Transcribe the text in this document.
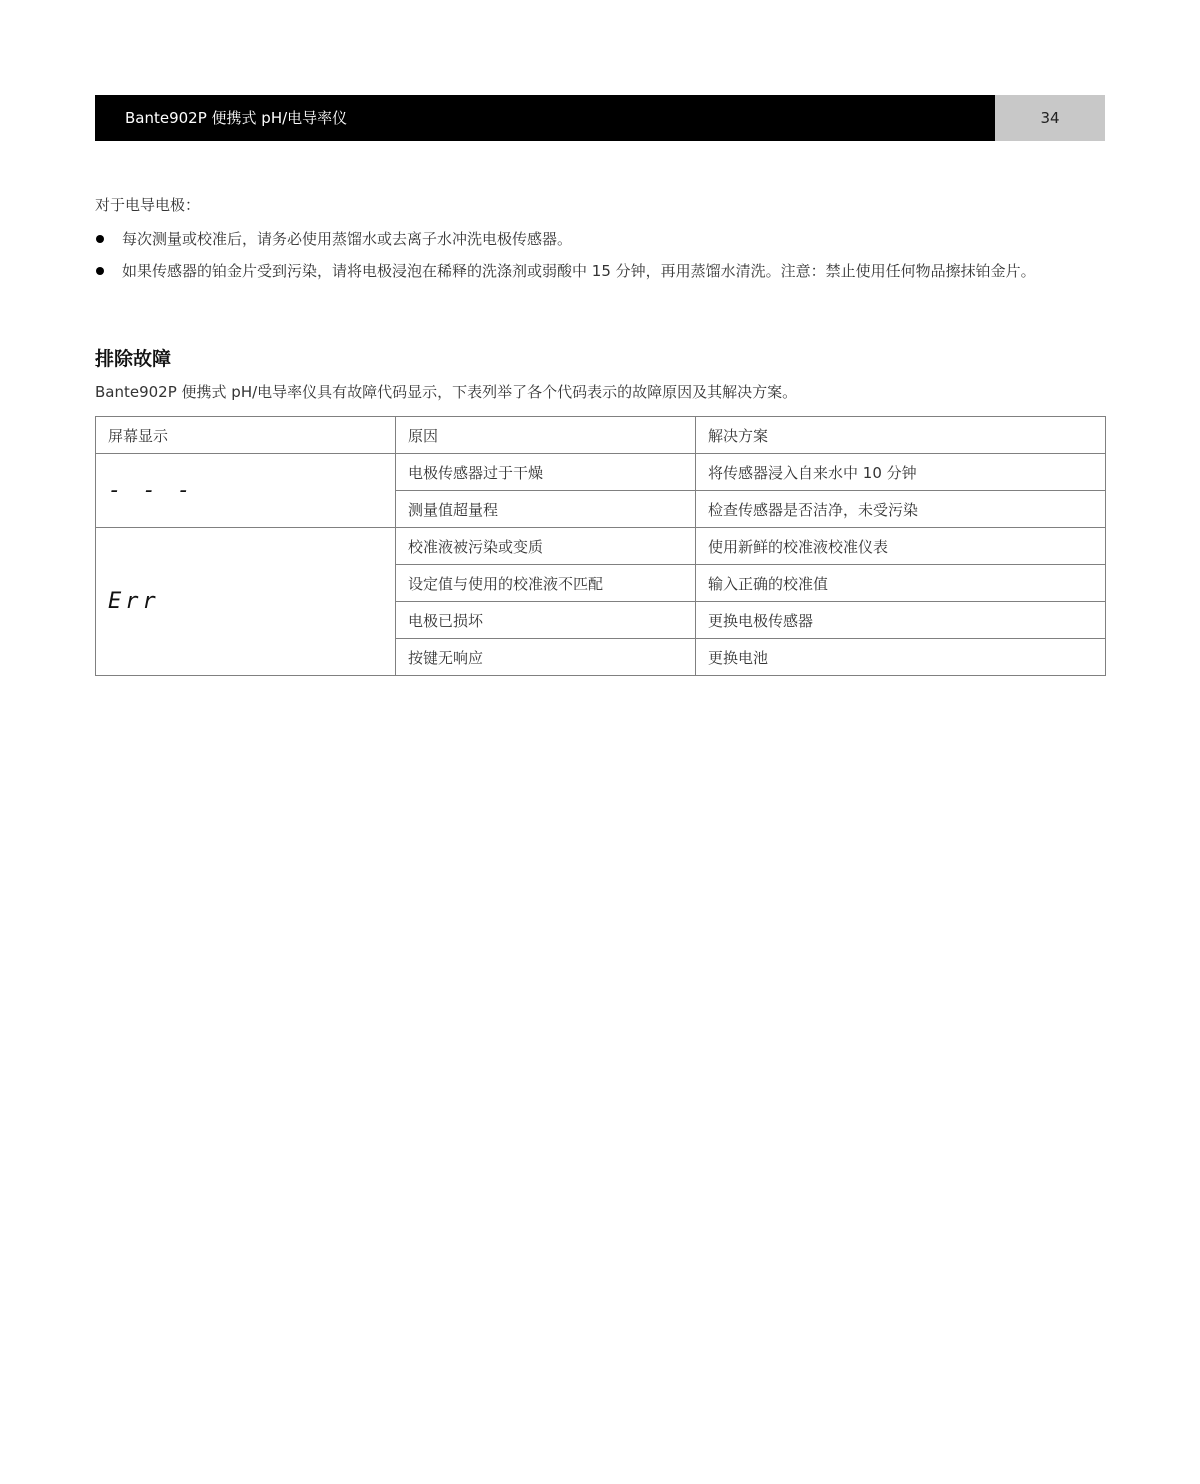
Bante902P 便携式 pH/电导率仪	34
对于电导电极：
每次测量或校准后，请务必使用蒸馏水或去离子水冲洗电极传感器。
如果传感器的铂金片受到污染，请将电极浸泡在稀释的洗涤剂或弱酸中 15 分钟，再用蒸馏水清洗。注意：禁止使用任何物品擦抹铂金片。
排除故障
Bante902P 便携式 pH/电导率仪具有故障代码显示，下表列举了各个代码表示的故障原因及其解决方案。
屏幕显示	原因	解决方案
- - -	电极传感器过于干燥	将传感器浸入自来水中 10 分钟
	测量值超量程	检查传感器是否洁净，未受污染
Err	校准液被污染或变质	使用新鲜的校准液校准仪表
	设定值与使用的校准液不匹配	输入正确的校准值
	电极已损坏	更换电极传感器
	按键无响应	更换电池
